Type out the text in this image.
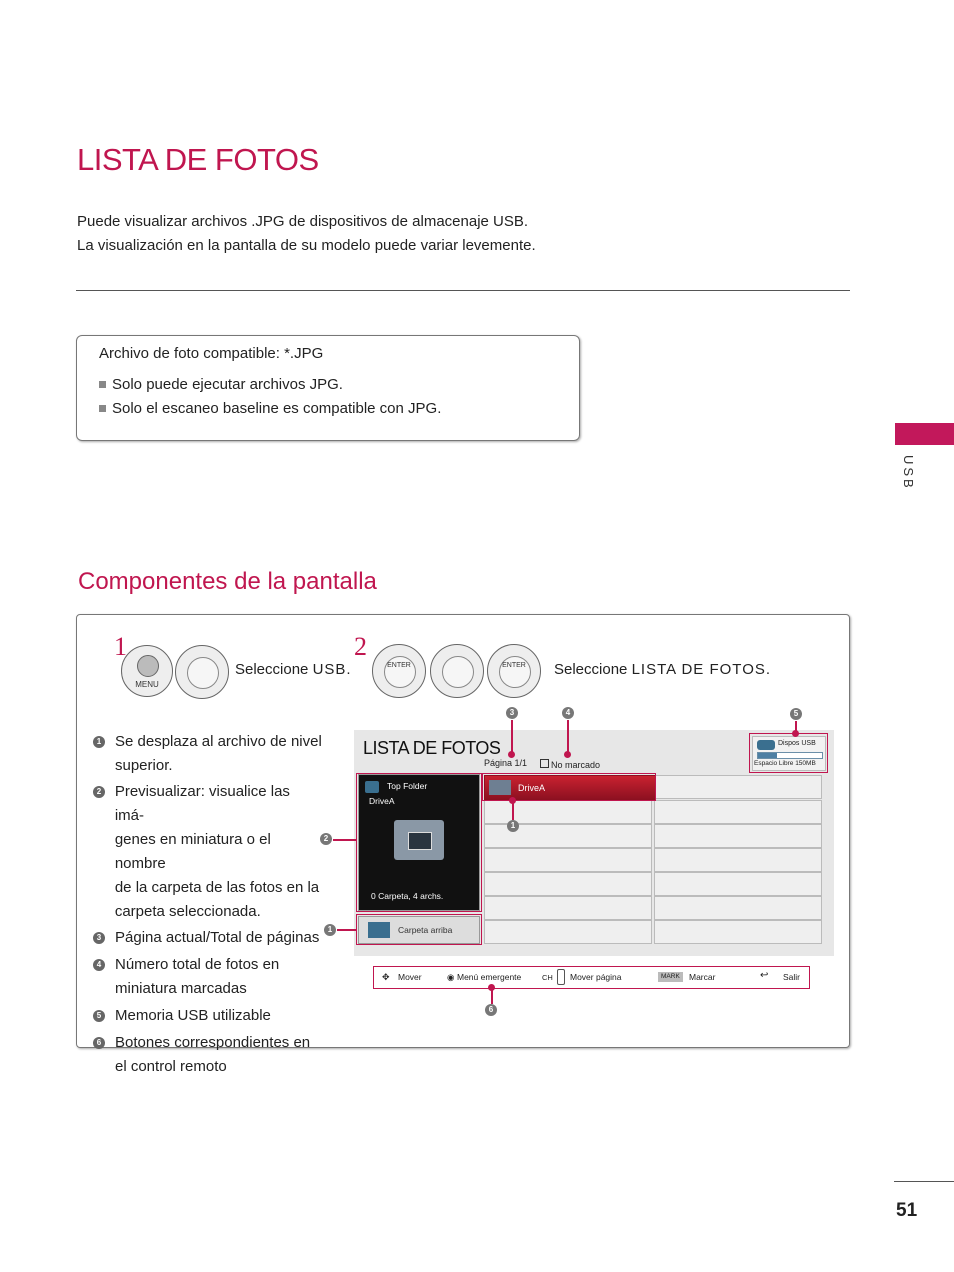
LISTA DE FOTOS
Puede visualizar archivos .JPG de dispositivos de almacenaje USB.
La visualización en la pantalla de su modelo puede variar levemente.
Archivo de foto compatible: *.JPG
Solo puede ejecutar archivos JPG.
Solo el escaneo baseline es compatible con JPG.
USB
Componentes de la pantalla
1
MENU
Seleccione USB.
2
ENTER	ENTER	Seleccione LISTA DE FOTOS.
1 Se desplaza al archivo de nivel
superior.
2 Previsualizar: visualice las imá-
genes en miniatura o el nombre
de la carpeta de las fotos en la
carpeta seleccionada.
3 Página actual/Total de páginas
4 Número total de fotos en
miniatura marcadas
5 Memoria USB utilizable
6 Botones correspondientes en
el control remoto
LISTA DE FOTOS
Página 1/1	No marcado
Dispos USB
Espacio Libre 150MB
Top Folder
DriveA
0 Carpeta, 4 archs.
Carpeta arriba
DriveA
3	4	5
1
2
1
✥ Mover	◉ Menú emergente	CH Mover página	MARK	Marcar	↩ Salir
6
51
